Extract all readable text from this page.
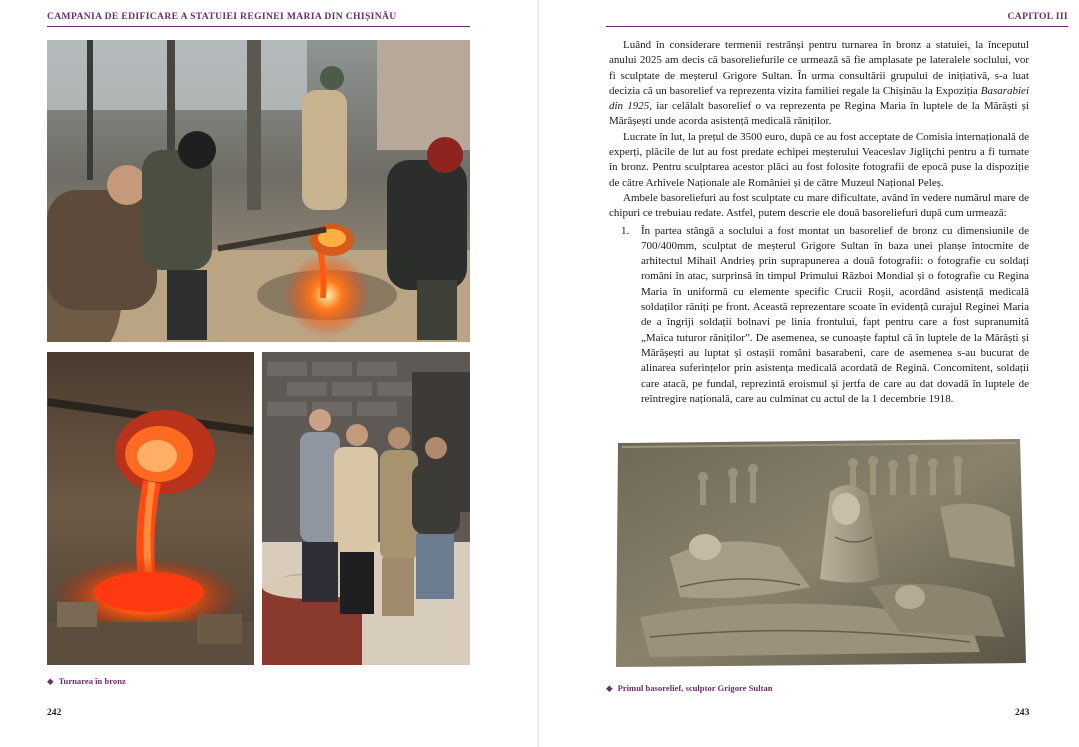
CAMPANIA DE EDIFICARE A STATUIEI REGINEI MARIA DIN CHIȘINĂU
◆ Turnarea în bronz
242
CAPITOL III

Luând în considerare termenii restrânși pentru turnarea în bronz a statuiei, la începutul anului 2025 am decis că basoreliefurile ce urmează să fie amplasate pe lateralele soclului, vor fi sculptate de meșterul Grigore Sultan. În urma consultării grupului de inițiativă, s-a luat decizia că un basorelief va reprezenta vizita familiei regale la Chișinău la Expoziția Basarabiei din 1925, iar celălalt basorelief o va reprezenta pe Regina Maria în luptele de la Mărăști și Mărășești unde acorda asistență medicală răniților.

Lucrate în lut, la prețul de 3500 euro, după ce au fost acceptate de Comisia internațională de experți, plăcile de lut au fost predate echipei meșterului Veaceslav Jigliţchi pentru a fi turnate în bronz. Pentru sculptarea acestor plăci au fost folosite fotografii de epocă puse la dispoziție de către Arhivele Naționale ale României și de către Muzeul Național Peleș.

Ambele basoreliefuri au fost sculptate cu mare dificultate, având în vedere numărul mare de chipuri ce trebuiau redate. Astfel, putem descrie ele două basoreliefuri după cum urmează:

1. În partea stângă a soclului a fost montat un basorelief de bronz cu dimensiunile de 700/400mm, sculptat de meșterul Grigore Sultan în baza unei planșe întocmite de arhitectul Mihail Andrieș prin suprapunerea a două fotografii: o fotografie cu soldați români în atac, surprinsă în timpul Primului Război Mondial și o fotografie cu Regina Maria în uniformă cu elemente specific Crucii Roșii, acordând asistență medicală soldaților răniți pe front. Această reprezentare scoate în evidență curajul Reginei Maria de a îngriji soldații bolnavi pe linia frontului, fapt pentru care a fost supranumită „Maica tuturor răniților”. De asemenea, se cunoaște faptul că în luptele de la Mărăști și Mărășești au luptat și ostașii români basarabeni, care de asemenea s-au bucurat de alinarea suferințelor prin asistența medicală acordată de Regină. Concomitent, soldații care atacă, pe fundal, reprezintă eroismul și jertfa de care au dat dovadă în luptele de reîntregire națională, care au culminat cu actul de la 1 decembrie 1918.
◆ Primul basorelief, sculptor Grigore Sultan
243
